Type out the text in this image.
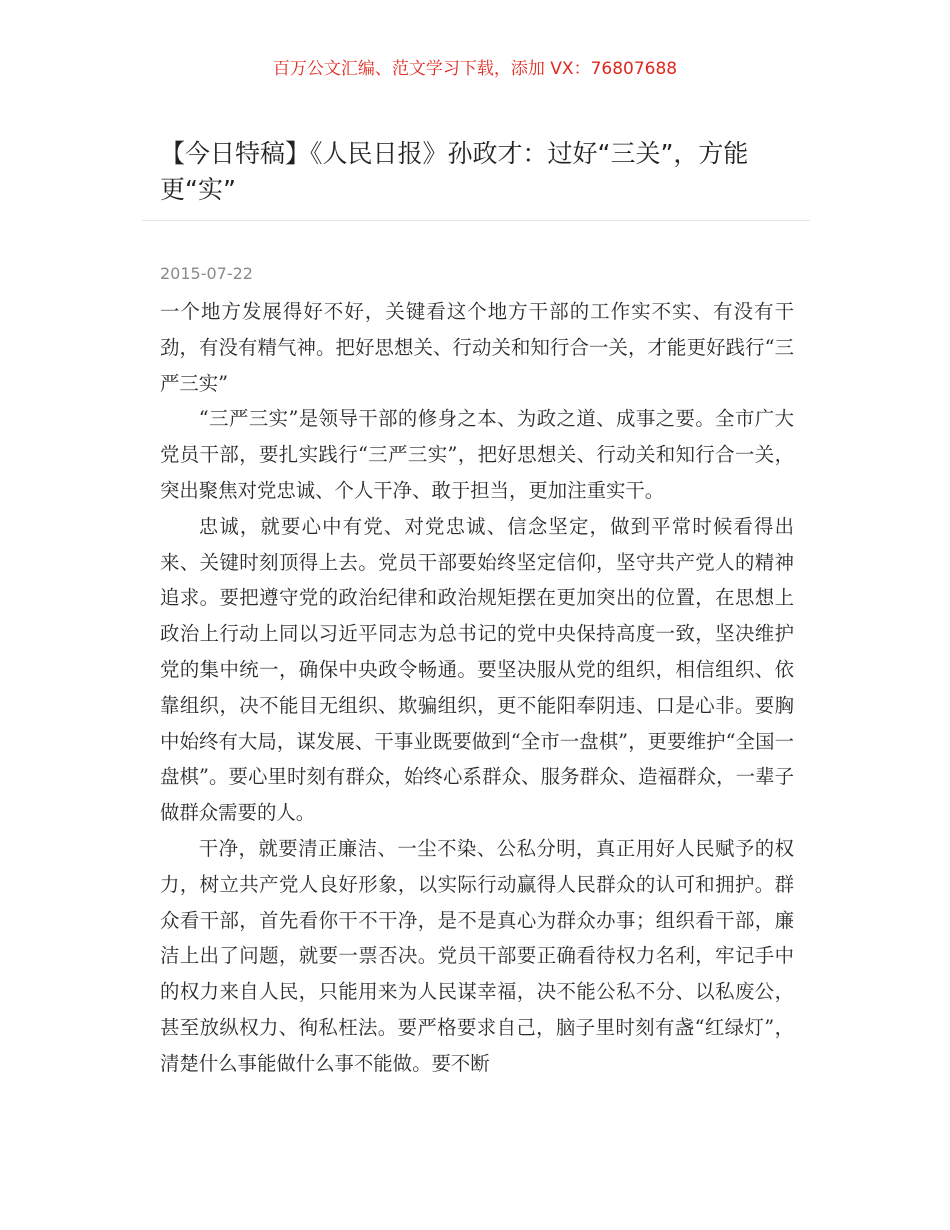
百万公文汇编、范文学习下载，添加 VX：76807688
【今日特稿】《人民日报》孙政才：过好“三关”，方能更“实”
2015-07-22

一个地方发展得好不好，关键看这个地方干部的工作实不实、有没有干劲，有没有精气神。把好思想关、行动关和知行合一关，才能更好践行“三严三实”

“三严三实”是领导干部的修身之本、为政之道、成事之要。全市广大党员干部，要扎实践行“三严三实”，把好思想关、行动关和知行合一关，突出聚焦对党忠诚、个人干净、敢于担当，更加注重实干。

忠诚，就要心中有党、对党忠诚、信念坚定，做到平常时候看得出来、关键时刻顶得上去。党员干部要始终坚定信仰，坚守共产党人的精神追求。要把遵守党的政治纪律和政治规矩摆在更加突出的位置，在思想上政治上行动上同以习近平同志为总书记的党中央保持高度一致，坚决维护党的集中统一，确保中央政令畅通。要坚决服从党的组织，相信组织、依靠组织，决不能目无组织、欺骗组织，更不能阳奉阴违、口是心非。要胸中始终有大局，谋发展、干事业既要做到“全市一盘棋”，更要维护“全国一盘棋”。要心里时刻有群众，始终心系群众、服务群众、造福群众，一辈子做群众需要的人。

干净，就要清正廉洁、一尘不染、公私分明，真正用好人民赋予的权力，树立共产党人良好形象，以实际行动赢得人民群众的认可和拥护。群众看干部，首先看你干不干净，是不是真心为群众办事；组织看干部，廉洁上出了问题，就要一票否决。党员干部要正确看待权力名利，牢记手中的权力来自人民，只能用来为人民谋幸福，决不能公私不分、以私废公，甚至放纵权力、徇私枉法。要严格要求自己，脑子里时刻有盏“红绿灯”，清楚什么事能做什么事不能做。要不断
